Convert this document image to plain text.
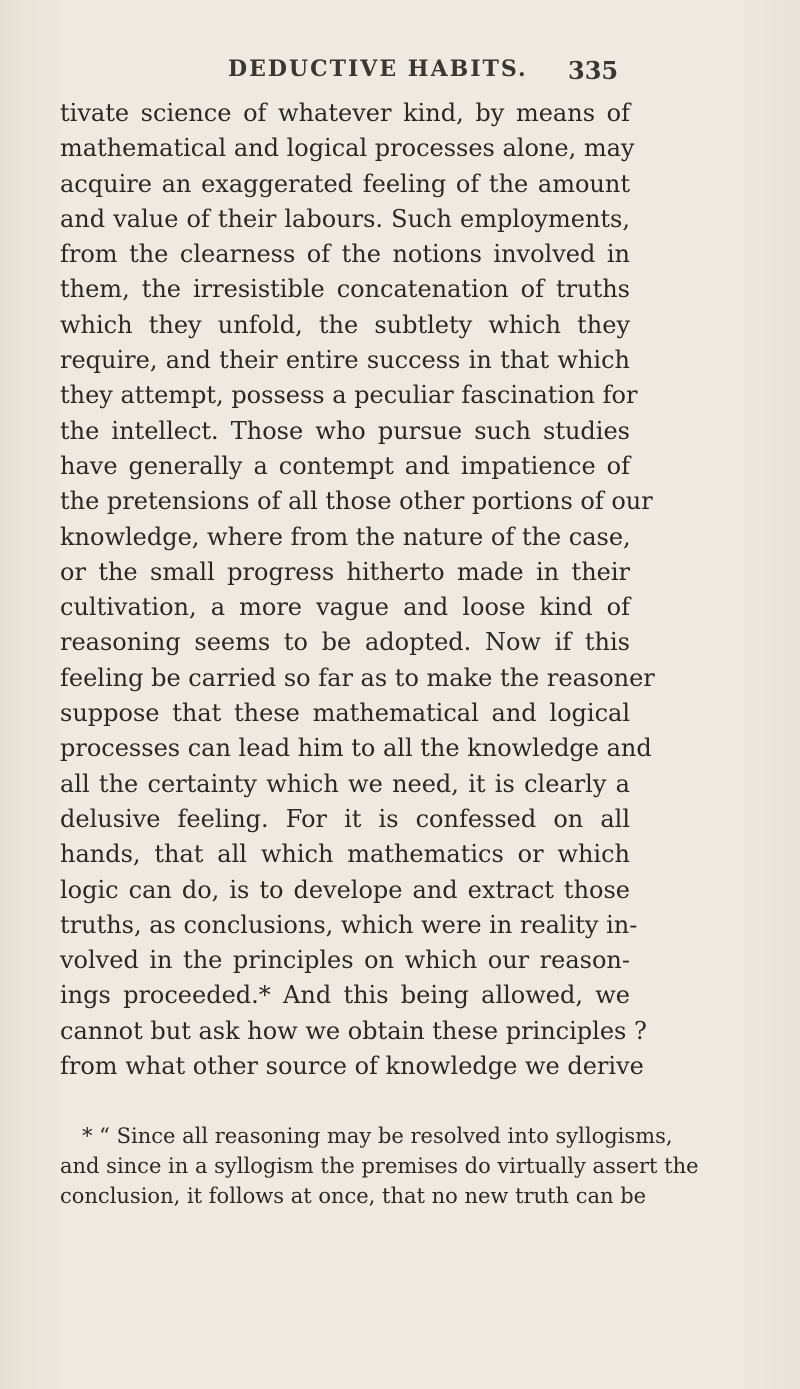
DEDUCTIVE HABITS. 335
tivate science of whatever kind, by means of
mathematical and logical processes alone, may
acquire an exaggerated feeling of the amount
and value of their labours. Such employments,
from the clearness of the notions involved in
them, the irresistible concatenation of truths
which they unfold, the subtlety which they
require, and their entire success in that which
they attempt, possess a peculiar fascination for
the intellect. Those who pursue such studies
have generally a contempt and impatience of
the pretensions of all those other portions of our
knowledge, where from the nature of the case,
or the small progress hitherto made in their
cultivation, a more vague and loose kind of
reasoning seems to be adopted. Now if this
feeling be carried so far as to make the reasoner
suppose that these mathematical and logical
processes can lead him to all the knowledge and
all the certainty which we need, it is clearly a
delusive feeling. For it is confessed on all
hands, that all which mathematics or which
logic can do, is to develope and extract those
truths, as conclusions, which were in reality in-
volved in the principles on which our reason-
ings proceeded.* And this being allowed, we
cannot but ask how we obtain these principles ?
from what other source of knowledge we derive
* “ Since all reasoning may be resolved into syllogisms,
and since in a syllogism the premises do virtually assert the
conclusion, it follows at once, that no new truth can be
